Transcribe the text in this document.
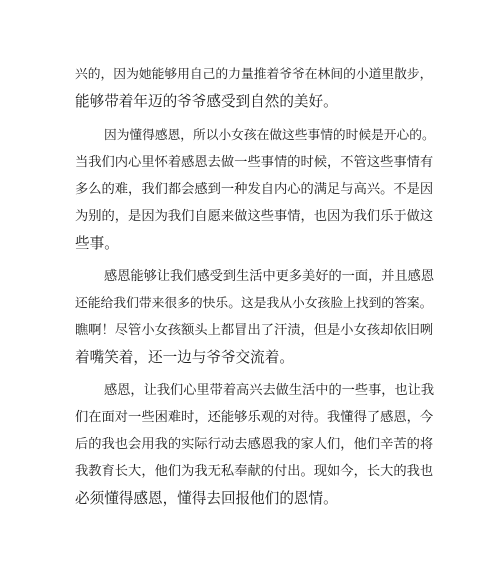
兴的，因为她能够用自己的力量推着爷爷在林间的小道里散步，
能够带着年迈的爷爷感受到自然的美好。
因为懂得感恩，所以小女孩在做这些事情的时候是开心的。
当我们内心里怀着感恩去做一些事情的时候，不管这些事情有
多么的难，我们都会感到一种发自内心的满足与高兴。不是因
为别的，是因为我们自愿来做这些事情，也因为我们乐于做这
些事。
感恩能够让我们感受到生活中更多美好的一面，并且感恩
还能给我们带来很多的快乐。这是我从小女孩脸上找到的答案。
瞧啊！尽管小女孩额头上都冒出了汗渍，但是小女孩却依旧咧
着嘴笑着，还一边与爷爷交流着。
感恩，让我们心里带着高兴去做生活中的一些事，也让我
们在面对一些困难时，还能够乐观的对待。我懂得了感恩，今
后的我也会用我的实际行动去感恩我的家人们，他们辛苦的将
我教育长大，他们为我无私奉献的付出。现如今，长大的我也
必须懂得感恩，懂得去回报他们的恩情。
